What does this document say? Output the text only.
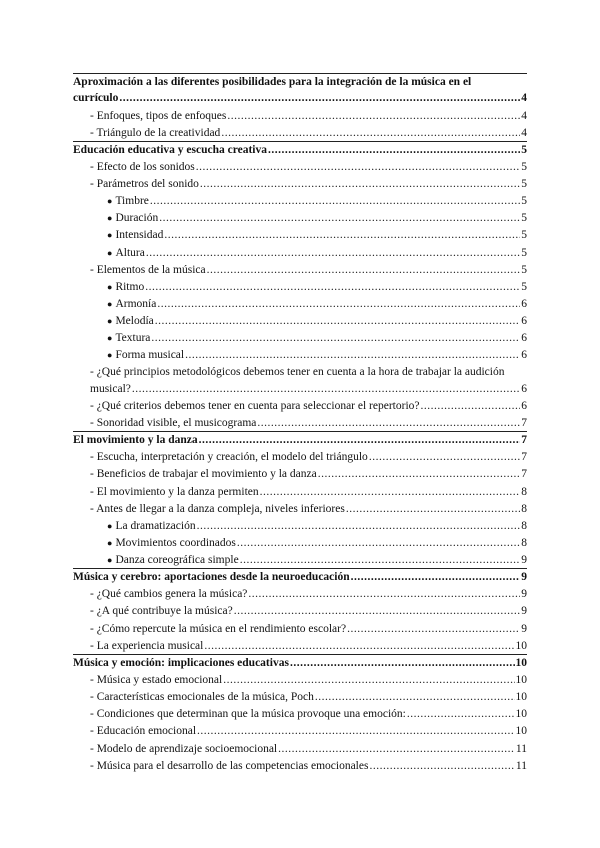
Aproximación a las diferentes posibilidades para la integración de la música en el
currículo .....	4
- Enfoques, tipos de enfoques .....	4
- Triángulo de la creatividad .....	4
Educación educativa y escucha creativa .....	5
- Efecto de los sonidos .....	5
- Parámetros del sonido .....	5
● Timbre .....	5
● Duración .....	5
● Intensidad .....	5
● Altura .....	5
- Elementos de la música .....	5
● Ritmo .....	5
● Armonía .....	6
● Melodía .....	6
● Textura .....	6
● Forma musical .....	6
- ¿Qué principios metodológicos debemos tener en cuenta a la hora de trabajar la audición
musical? .....	6
- ¿Qué criterios debemos tener en cuenta para seleccionar el repertorio? .....	6
- Sonoridad visible, el musicograma .....	7
El movimiento y la danza .....	7
- Escucha, interpretación y creación, el modelo del triángulo .....	7
- Beneficios de trabajar el movimiento y la danza .....	7
- El movimiento y la danza permiten .....	8
- Antes de llegar a la danza compleja, niveles inferiores .....	8
● La dramatización .....	8
● Movimientos coordinados .....	8
● Danza coreográfica simple .....	9
Música y cerebro: aportaciones desde la neuroeducación .....	9
- ¿Qué cambios genera la música? .....	9
- ¿A qué contribuye la música? .....	9
- ¿Cómo repercute la música en el rendimiento escolar? .....	9
- La experiencia musical .....	10
Música y emoción: implicaciones educativas .....	10
- Música y estado emocional .....	10
- Características emocionales de la música, Poch .....	10
- Condiciones que determinan que la música provoque una emoción: .....	10
- Educación emocional .....	10
- Modelo de aprendizaje socioemocional .....	11
- Música para el desarrollo de las competencias emocionales .....	11
